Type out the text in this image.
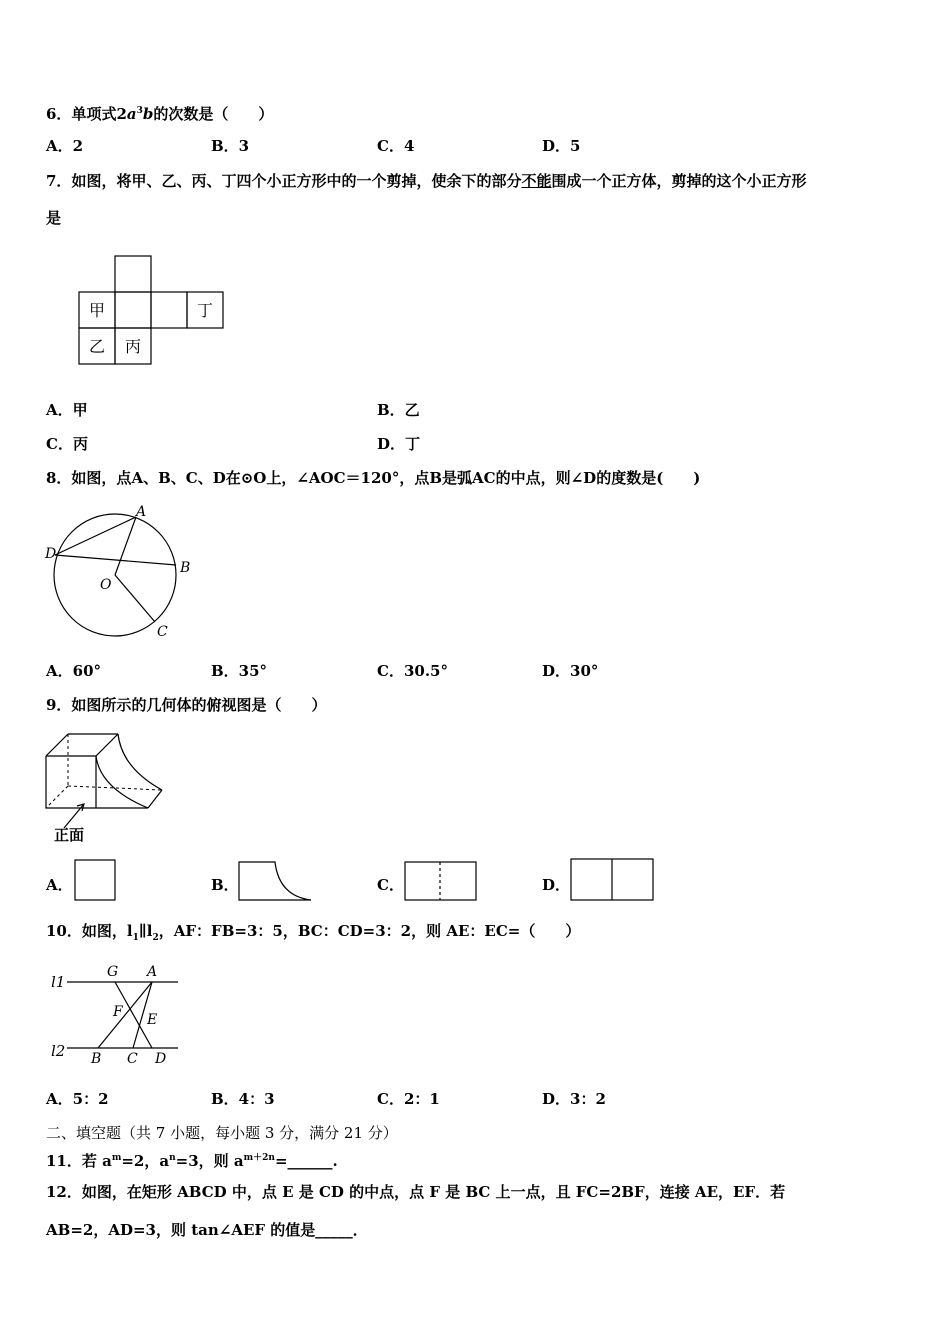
6．单项式$2a^3b$的次数是（　　）
A．2	B．3	C．4	D．5
7．如图，将甲、乙、丙、丁四个小正方形中的一个剪掉，使余下的部分不能围成一个正方体，剪掉的这个小正方形
是
甲
乙 丙
丁
A．甲	B．乙
C．丙	D．丁
8．如图，点A、B、C、D在⊙O上，∠AOC＝120°，点B是弧AC的中点，则∠D的度数是(　　)
A
B
C
D
O
A．60°	B．35°	C．30.5°	D．30°
9．如图所示的几何体的俯视图是（　　）
正面
A．	B．	C．	D．
10．如图，$l_1\parallel l_2$，AF：FB=3：5，BC：CD=3：2，则 AE：EC=（　　）
l1
l2
G A
F E
B C D
A．5：2	B．4：3	C．2：1	D．3：2
二、填空题（共 7 小题，每小题 3 分，满分 21 分）
11．若 $a^m=2$，$a^n=3$，则 $a^{m+2n}=\_\_\_\_\_\_$.
12．如图，在矩形 ABCD 中，点 E 是 CD 的中点，点 F 是 BC 上一点，且 FC=2BF，连接 AE，EF．若
AB=2，AD=3，则 tan∠AEF 的值是_____．
